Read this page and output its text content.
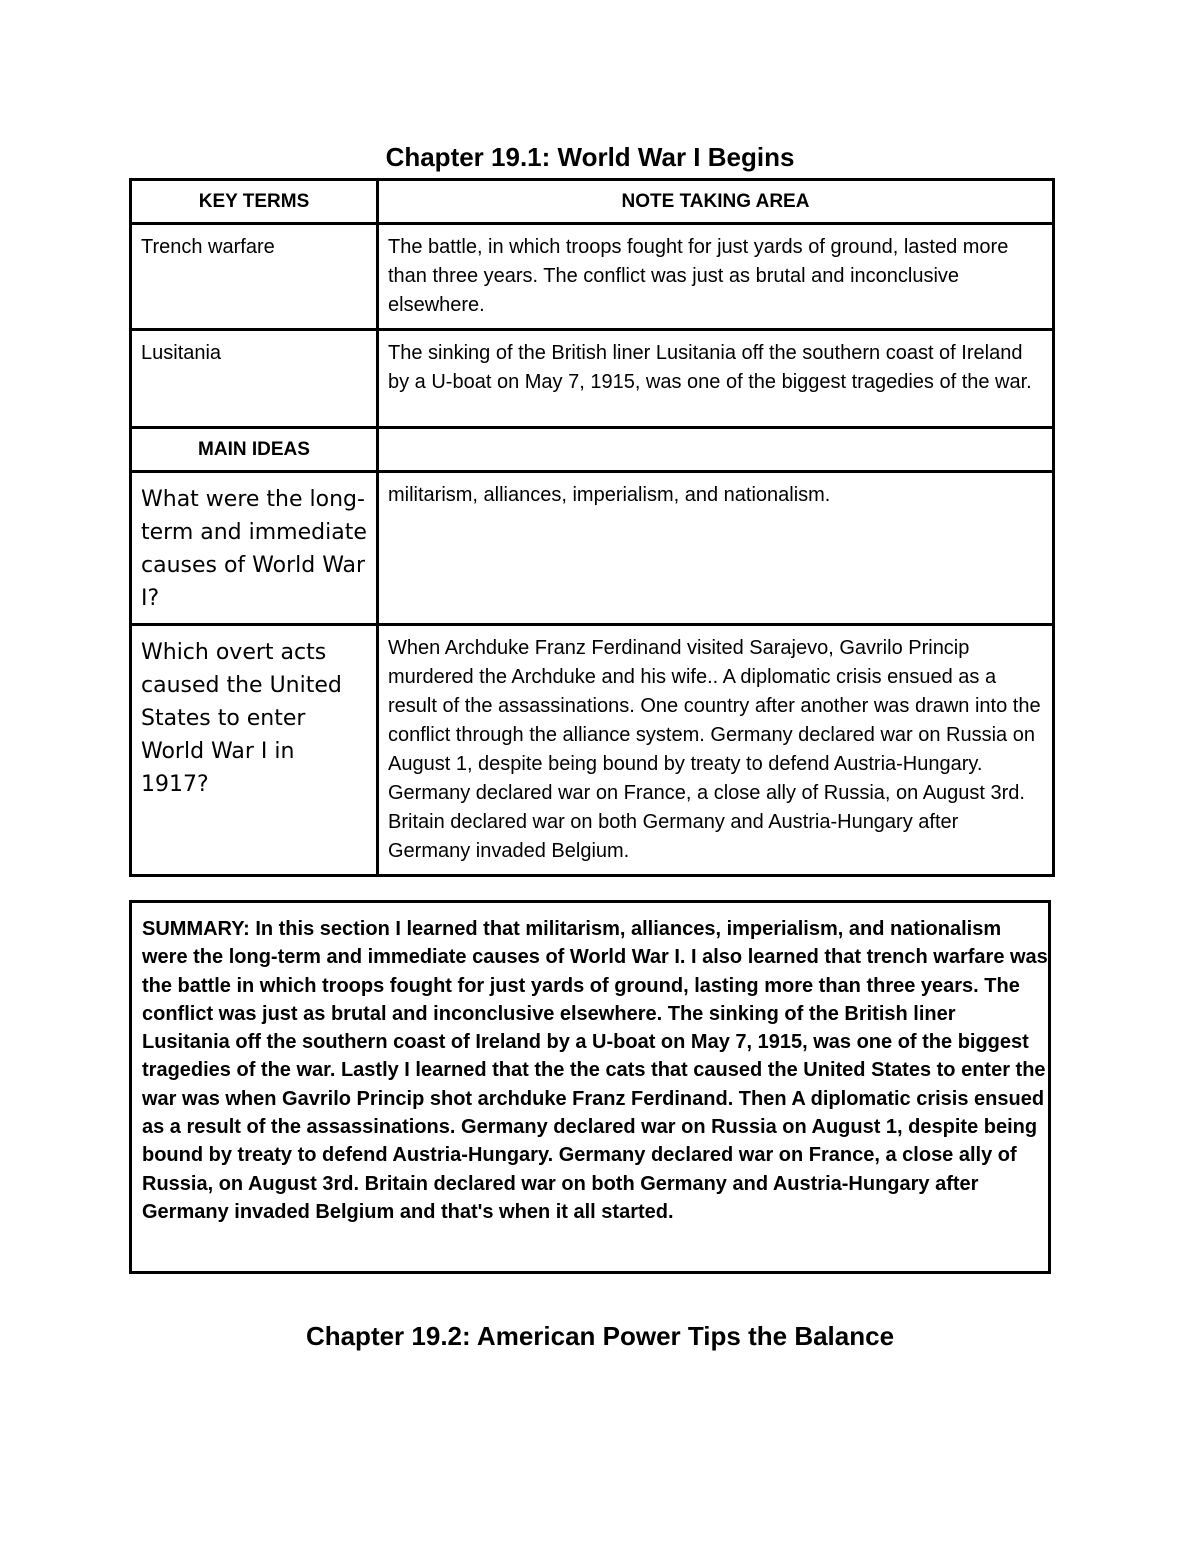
Chapter 19.1: World War I Begins
KEY TERMS	NOTE TAKING AREA

Trench warfare	The battle, in which troops fought for just yards of ground, lasted more than three years. The conflict was just as brutal and inconclusive elsewhere.

Lusitania	The sinking of the British liner Lusitania off the southern coast of Ireland by a U-boat on May 7, 1915, was one of the biggest tragedies of the war.

MAIN IDEAS	

What were the long-term and immediate causes of World War I?	militarism, alliances, imperialism, and nationalism.

Which overt acts caused the United States to enter World War I in 1917?	When Archduke Franz Ferdinand visited Sarajevo, Gavrilo Princip murdered the Archduke and his wife.. A diplomatic crisis ensued as a result of the assassinations. One country after another was drawn into the conflict through the alliance system. Germany declared war on Russia on August 1, despite being bound by treaty to defend Austria-Hungary. Germany declared war on France, a close ally of Russia, on August 3rd. Britain declared war on both Germany and Austria-Hungary after Germany invaded Belgium.
SUMMARY: In this section I learned that militarism, alliances, imperialism, and nationalism were the long-term and immediate causes of World War I. I also learned that trench warfare was the battle in which troops fought for just yards of ground, lasting more than three years. The conflict was just as brutal and inconclusive elsewhere. The sinking of the British liner Lusitania off the southern coast of Ireland by a U-boat on May 7, 1915, was one of the biggest tragedies of the war. Lastly I learned that the the cats that caused the United States to enter the war was when Gavrilo Princip shot archduke Franz Ferdinand. Then A diplomatic crisis ensued as a result of the assassinations. Germany declared war on Russia on August 1, despite being bound by treaty to defend Austria-Hungary. Germany declared war on France, a close ally of Russia, on August 3rd. Britain declared war on both Germany and Austria-Hungary after Germany invaded Belgium and that's when it all started.
Chapter 19.2: American Power Tips the Balance
